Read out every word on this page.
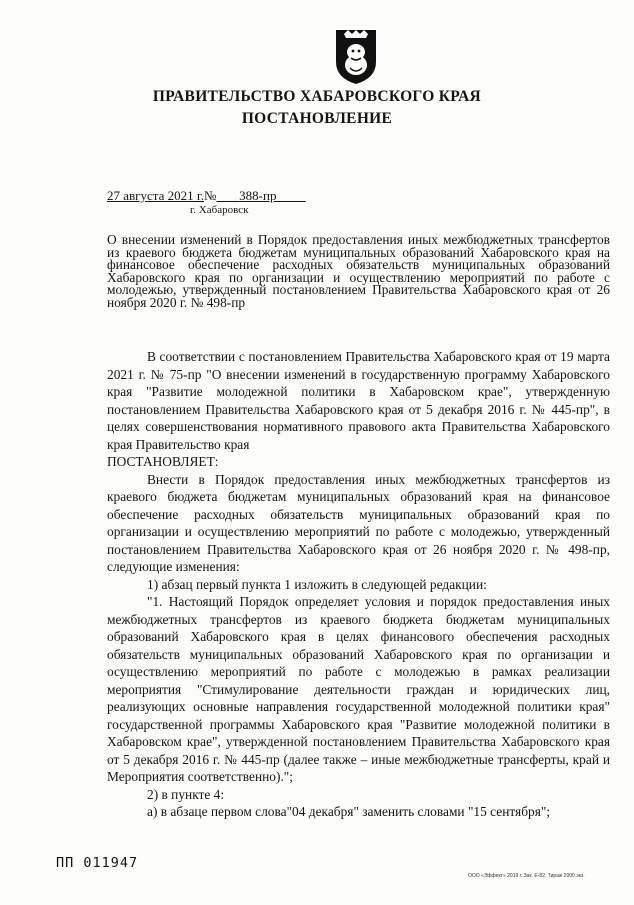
ПРАВИТЕЛЬСТВО ХАБАРОВСКОГО КРАЯ
ПОСТАНОВЛЕНИЕ
27 августа 2021 г.№ 388-пр
г. Хабаровск
О внесении изменений в Порядок предоставления иных межбюджетных трансфертов из краевого бюджета бюджетам муниципальных образований Хабаровского края на финансовое обеспечение расходных обязательств муниципальных образований Хабаровского края по организации и осуществлению мероприятий по работе с молодежью, утвержденный постановлением Правительства Хабаровского края от 26 ноября 2020 г. № 498-пр

В соответствии с постановлением Правительства Хабаровского края от 19 марта 2021 г. № 75-пр "О внесении изменений в государственную программу Хабаровского края "Развитие молодежной политики в Хабаровском крае", утвержденную постановлением Правительства Хабаровского края от 5 декабря 2016 г. № 445-пр", в целях совершенствования нормативного правового акта Правительства Хабаровского края Правительство края

ПОСТАНОВЛЯЕТ:

Внести в Порядок предоставления иных межбюджетных трансфертов из краевого бюджета бюджетам муниципальных образований края на финансовое обеспечение расходных обязательств муниципальных образований края по организации и осуществлению мероприятий по работе с молодежью, утвержденный постановлением Правительства Хабаровского края от 26 ноября 2020 г. № 498-пр, следующие изменения:

1) абзац первый пункта 1 изложить в следующей редакции:

"1. Настоящий Порядок определяет условия и порядок предоставления иных межбюджетных трансфертов из краевого бюджета бюджетам муниципальных образований Хабаровского края в целях финансового обеспечения расходных обязательств муниципальных образований Хабаровского края по организации и осуществлению мероприятий по работе с молодежью в рамках реализации мероприятия "Стимулирование деятельности граждан и юридических лиц, реализующих основные направления государственной молодежной политики края" государственной программы Хабаровского края "Развитие молодежной политики в Хабаровском крае", утвержденной постановлением Правительства Хабаровского края от 5 декабря 2016 г. № 445-пр (далее также – иные межбюджетные трансферты, край и Мероприятия соответственно).";

2) в пункте 4:

а) в абзаце первом слова"04 декабря" заменить словами "15 сентября";

ПП 011947
ООО «Эффект» 2019 г. Зак. Е-82. Тираж 2000 экз.
